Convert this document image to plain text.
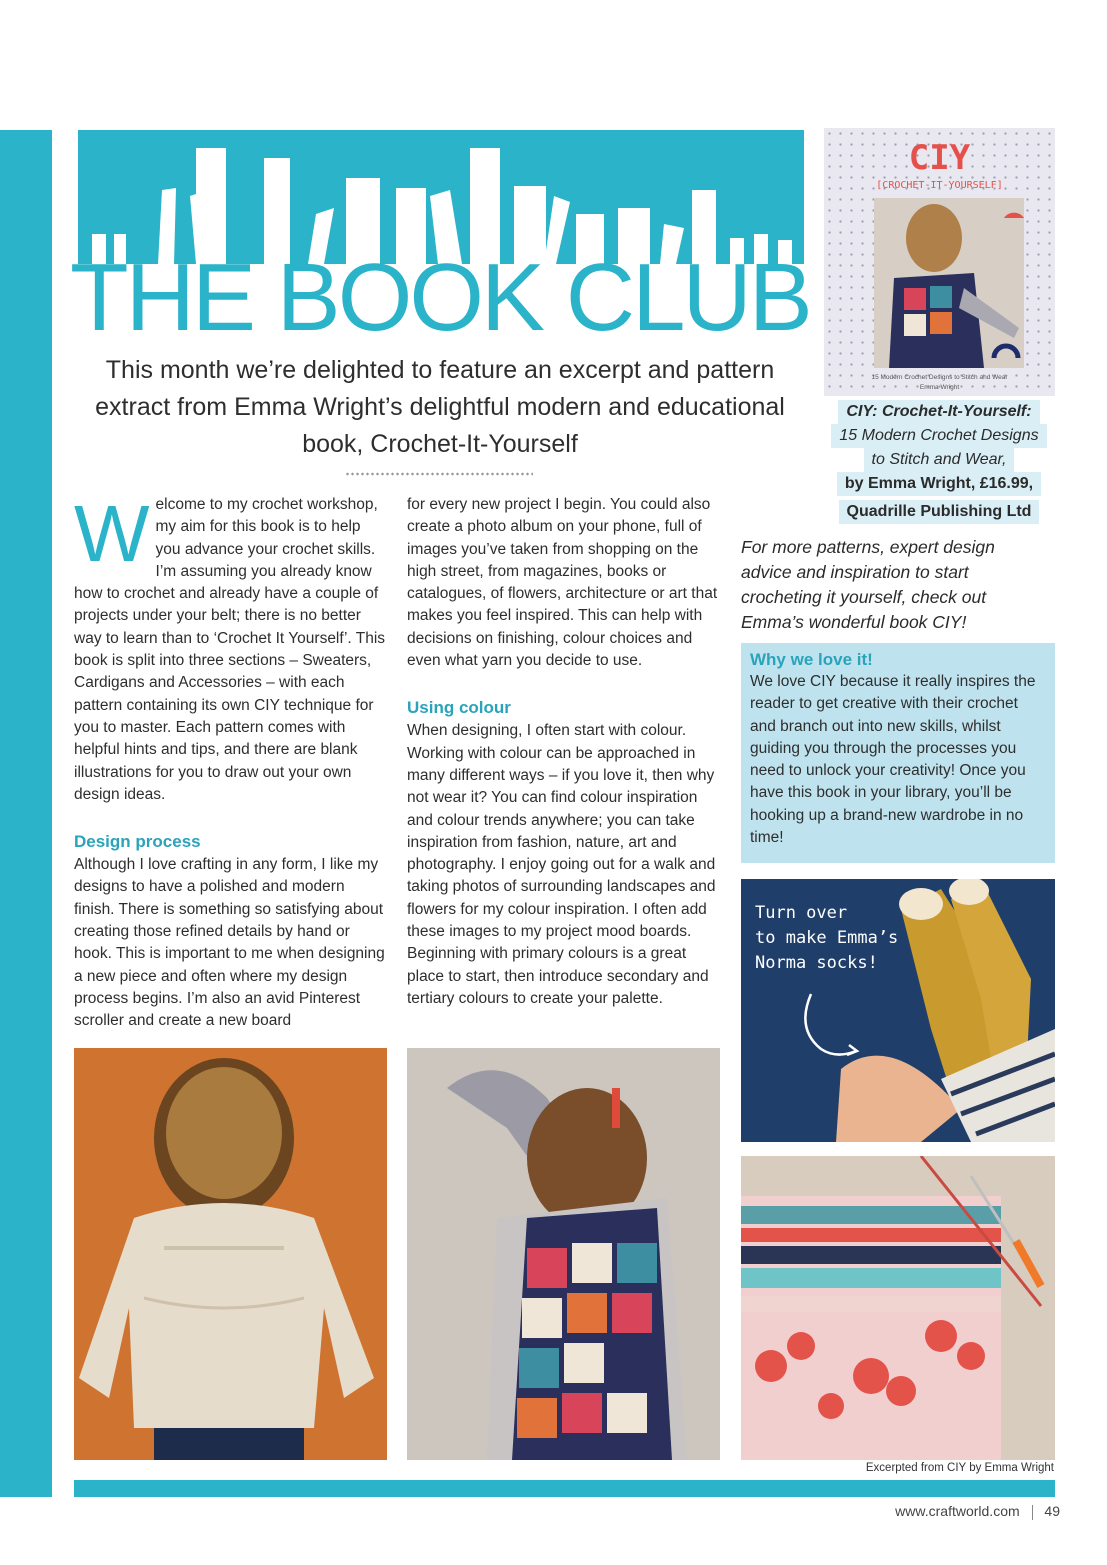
THE BOOK CLUB
This month we’re delighted to feature an excerpt and pattern extract from Emma Wright’s delightful modern and educational book, Crochet-It-Yourself

Welcome to my crochet workshop, my aim for this book is to help you advance your crochet skills. I’m assuming you already know how to crochet and already have a couple of projects under your belt; there is no better way to learn than to ‘Crochet It Yourself’. This book is split into three sections – Sweaters, Cardigans and Accessories – with each pattern containing its own CIY technique for you to master. Each pattern comes with helpful hints and tips, and there are blank illustrations for you to draw out your own design ideas.

Design process

Although I love crafting in any form, I like my designs to have a polished and modern finish. There is something so satisfying about creating those refined details by hand or hook. This is important to me when designing a new piece and often where my design process begins. I’m also an avid Pinterest scroller and create a new board

for every new project I begin. You could also create a photo album on your phone, full of images you’ve taken from shopping on the high street, from magazines, books or catalogues, of flowers, architecture or art that makes you feel inspired. This can help with decisions on finishing, colour choices and even what yarn you decide to use.

Using colour

When designing, I often start with colour. Working with colour can be approached in many different ways – if you love it, then why not wear it? You can find colour inspiration and colour trends anywhere; you can take inspiration from fashion, nature, art and photography. I enjoy going out for a walk and taking photos of surrounding landscapes and flowers for my colour inspiration. I often add these images to my project mood boards. Beginning with primary colours is a great place to start, then introduce secondary and tertiary colours to create your palette.

CIY
[CROCHET-IT-YOURSELF]
15 Modern Crochet Designs to Stitch and Wear
Emma Wright
CIY: Crochet-It-Yourself:
15 Modern Crochet Designs
to Stitch and Wear,
by Emma Wright, £16.99,
Quadrille Publishing Ltd
For more patterns, expert design advice and inspiration to start crocheting it yourself, check out Emma’s wonderful book CIY!
Why we love it!

We love CIY because it really inspires the reader to get creative with their crochet and branch out into new skills, whilst guiding you through the processes you need to unlock your creativity! Once you have this book in your library, you’ll be hooking up a brand-new wardrobe in no time!

Turn over
to make Emma’s
Norma socks!
Excerpted from CIY by Emma Wright
www.craftworld.com 49
